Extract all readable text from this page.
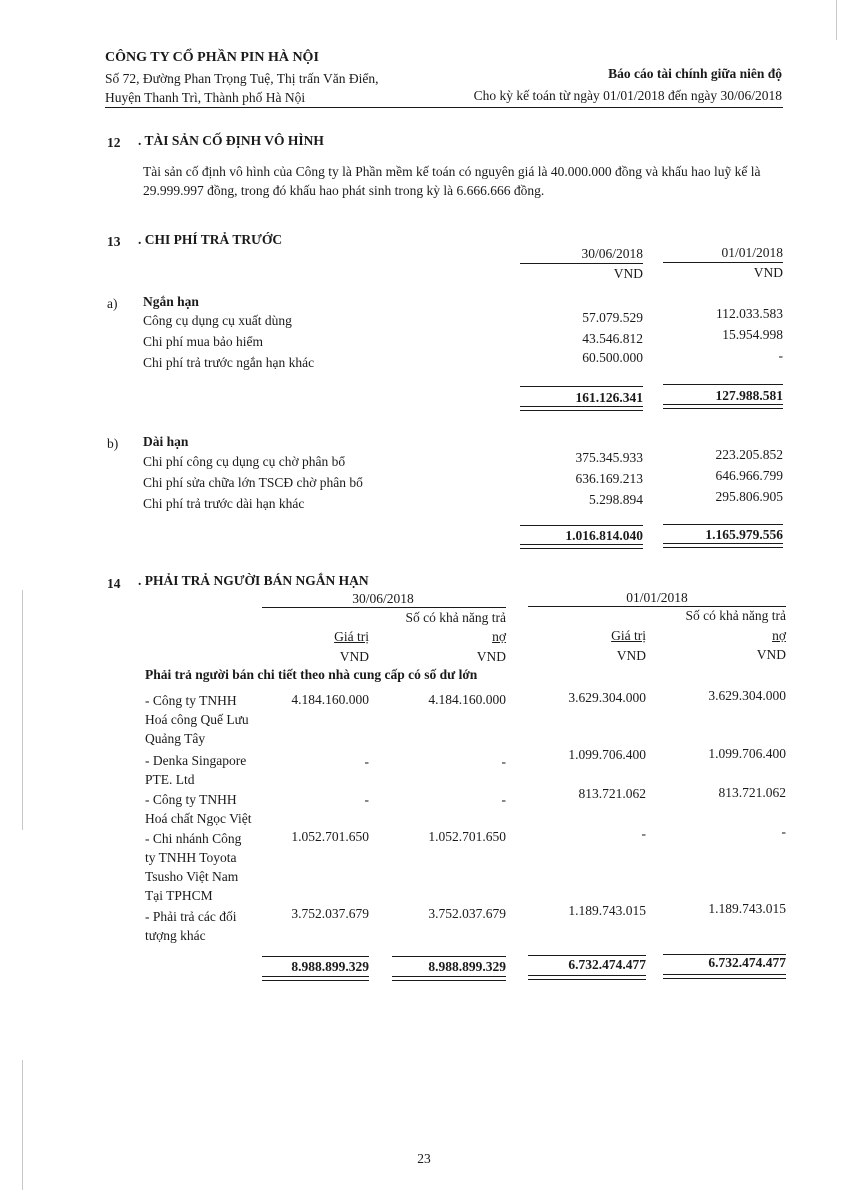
CÔNG TY CỔ PHẦN PIN HÀ NỘI
Số 72, Đường Phan Trọng Tuệ, Thị trấn Văn Điển,
Huyện Thanh Trì, Thành phố Hà Nội
Báo cáo tài chính giữa niên độ
Cho kỳ kế toán từ ngày 01/01/2018 đến ngày 30/06/2018
12 . TÀI SẢN CỐ ĐỊNH VÔ HÌNH
Tài sản cố định vô hình của Công ty là Phần mềm kế toán có nguyên giá là 40.000.000 đồng và khấu hao luỹ kế là 29.999.997 đồng, trong đó khấu hao phát sinh trong kỳ là 6.666.666 đồng.
13 . CHI PHÍ TRẢ TRƯỚC
30/06/2018	01/01/2018
VND	VND
a) Ngắn hạn
Công cụ dụng cụ xuất dùng	57.079.529	112.033.583
Chi phí mua bảo hiểm	43.546.812	15.954.998
Chi phí trả trước ngắn hạn khác	60.500.000	-
161.126.341	127.988.581
b) Dài hạn
Chi phí công cụ dụng cụ chờ phân bổ	375.345.933	223.205.852
Chi phí sửa chữa lớn TSCĐ chờ phân bổ	636.169.213	646.966.799
Chi phí trả trước dài hạn khác	5.298.894	295.806.905
1.016.814.040	1.165.979.556
14 . PHẢI TRẢ NGƯỜI BÁN NGẮN HẠN
30/06/2018	01/01/2018
Số có khả năng trả	Số có khả năng trả
Giá trị	nợ	Giá trị	nợ
VND	VND	VND	VND
Phải trả người bán chi tiết theo nhà cung cấp có số dư lớn
- Công ty TNHH
Hoá công Quế Lưu
Quảng Tây
4.184.160.000	4.184.160.000	3.629.304.000	3.629.304.000
- Denka Singapore
PTE. Ltd
-	-	1.099.706.400	1.099.706.400
- Công ty TNHH
Hoá chất Ngọc Việt
-	-	813.721.062	813.721.062
- Chi nhánh Công
ty TNHH Toyota
Tsusho Việt Nam
Tại TPHCM
1.052.701.650	1.052.701.650	-	-
- Phải trả các đối
tượng khác
3.752.037.679	3.752.037.679	1.189.743.015	1.189.743.015
8.988.899.329	8.988.899.329	6.732.474.477	6.732.474.477
23
